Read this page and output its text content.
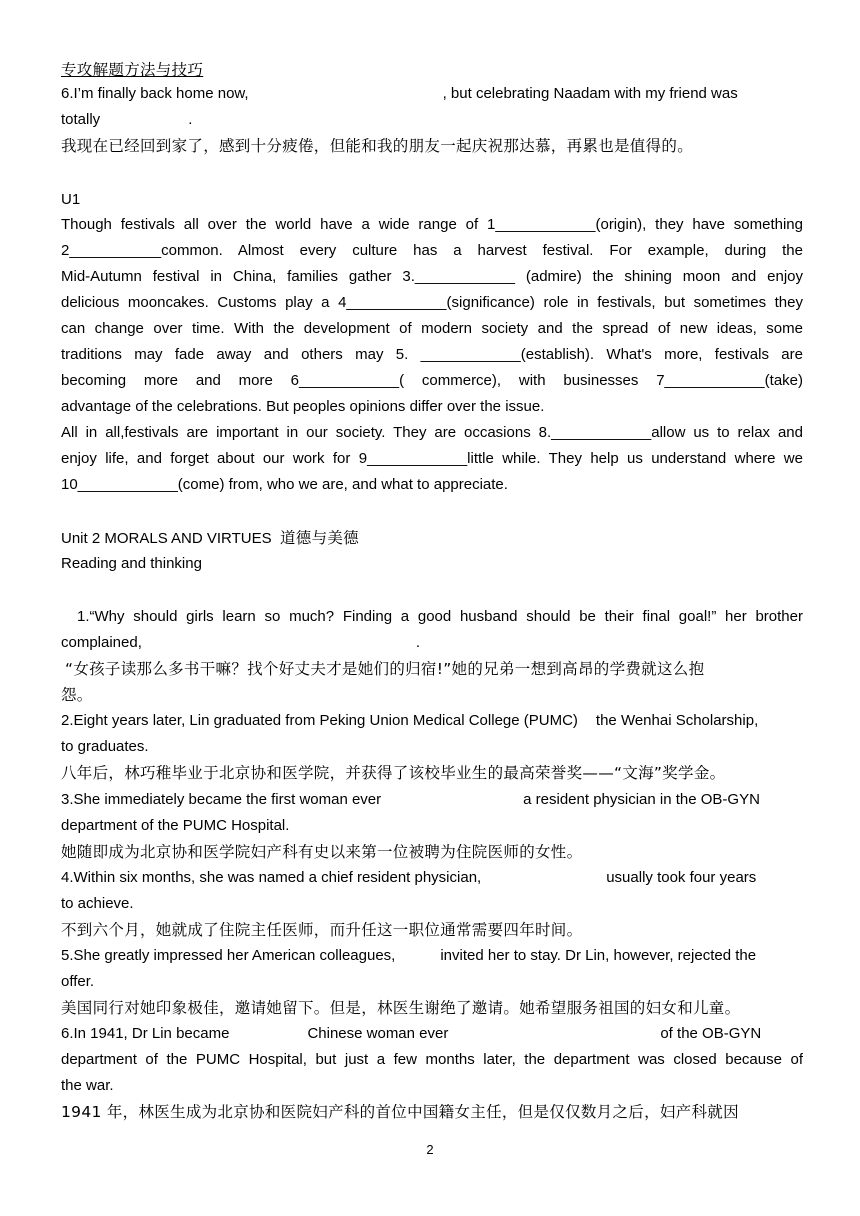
专攻解题方法与技巧
6.I’m finally back home now,	, but celebrating Naadam with my friend was
totally	.
我现在已经回到家了，感到十分疲倦，但能和我的朋友一起庆祝那达慕，再累也是值得的。
U1
Though festivals all over the world have a wide range of 1____________(origin), they have something
2___________common. Almost every culture has a harvest festival. For example, during the
Mid-Autumn festival in China, families gather 3.____________ (admire) the shining moon and enjoy
delicious mooncakes. Customs play a 4____________(significance) role in festivals, but sometimes they
can change over time. With the development of modern society and the spread of new ideas, some
traditions may fade away and others may 5. ____________(establish). What's more, festivals are
becoming more and more 6____________( commerce), with businesses 7____________(take)
advantage of the celebrations. But peoples opinions differ over the issue.
All in all,festivals are important in our society. They are occasions 8.____________allow us to relax and
enjoy life, and forget about our work for 9____________little while. They help us understand where we
10____________(come) from, who we are, and what to appreciate.
Unit 2 MORALS AND VIRTUES 道德与美德
Reading and thinking
1.“Why should girls learn so much? Finding a good husband should be their final goal!” her brother
complained,	.
“女孩子读那么多书干嘛？找个好丈夫才是她们的归宿!”她的兄弟一想到高昂的学费就这么抱
怨。
2.Eight years later, Lin graduated from Peking Union Medical College (PUMC) the Wenhai Scholarship,
to graduates.
八年后，林巧稚毕业于北京协和医学院，并获得了该校毕业生的最高荣誉奖——“文海”奖学金。
3.She immediately became the first woman ever	a resident physician in the OB-GYN
department of the PUMC Hospital.
她随即成为北京协和医学院妇产科有史以来第一位被聘为住院医师的女性。
4.Within six months, she was named a chief resident physician,	usually took four years
to achieve.
不到六个月，她就成了住院主任医师，而升任这一职位通常需要四年时间。
5.She greatly impressed her American colleagues,	invited her to stay. Dr Lin, however, rejected the
offer.
美国同行对她印象极佳，邀请她留下。但是，林医生谢绝了邀请。她希望服务祖国的妇女和儿童。
6.In 1941, Dr Lin became	Chinese woman ever	of the OB-GYN
department of the PUMC Hospital, but just a few months later, the department was closed because of
the war.
1941 年，林医生成为北京协和医院妇产科的首位中国籍女主任，但是仅仅数月之后，妇产科就因
2
